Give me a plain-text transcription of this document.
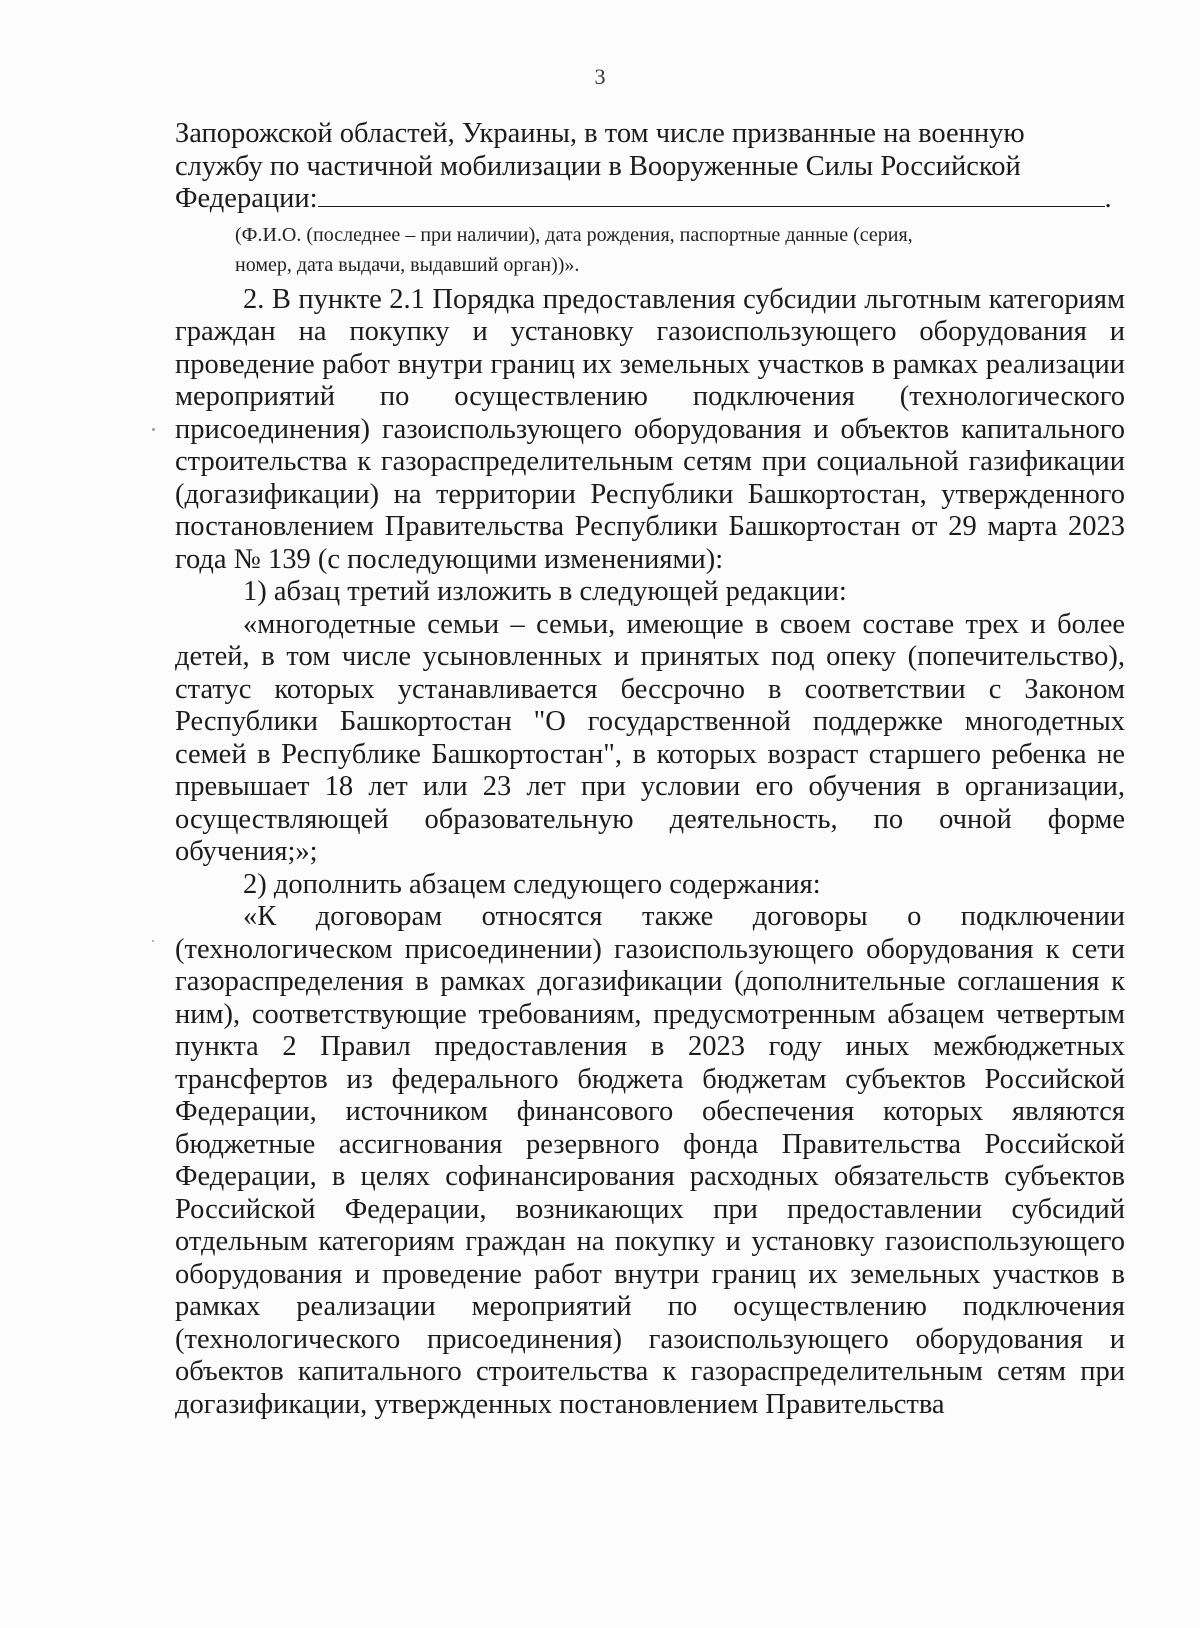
3

Запорожской областей, Украины, в том числе призванные на военную

службу по частичной мобилизации в Вооруженные Силы Российской

Федерации:	.

(Ф.И.О. (последнее – при наличии), дата рождения, паспортные данные (серия,
номер, дата выдачи, выдавший орган))».

2. В пункте 2.1 Порядка предоставления субсидии льготным категориям граждан на покупку и установку газоиспользующего оборудования и проведение работ внутри границ их земельных участков в рамках реализации мероприятий по осуществлению подключения (технологического присоединения) газоиспользующего оборудования и объектов капитального строительства к газораспределительным сетям при социальной газификации (догазификации) на территории Республики Башкортостан, утвержденного постановлением Правительства Республики Башкортостан от 29 марта 2023 года № 139 (с последующими изменениями):

1) абзац третий изложить в следующей редакции:

«многодетные семьи – семьи, имеющие в своем составе трех и более детей, в том числе усыновленных и принятых под опеку (попечительство), статус которых устанавливается бессрочно в соответствии с Законом Республики Башкортостан "О государственной поддержке многодетных семей в Республике Башкортостан", в которых возраст старшего ребенка не превышает 18 лет или 23 лет при условии его обучения в организации, осуществляющей образовательную деятельность, по очной форме обучения;»;

2) дополнить абзацем следующего содержания:

«К договорам относятся также договоры о подключении (технологическом присоединении) газоиспользующего оборудования к сети газораспределения в рамках догазификации (дополнительные соглашения к ним), соответствующие требованиям, предусмотренным абзацем четвертым пункта 2 Правил предоставления в 2023 году иных межбюджетных трансфертов из федерального бюджета бюджетам субъектов Российской Федерации, источником финансового обеспечения которых являются бюджетные ассигнования резервного фонда Правительства Российской Федерации, в целях софинансирования расходных обязательств субъектов Российской Федерации, возникающих при предоставлении субсидий отдельным категориям граждан на покупку и установку газоиспользующего оборудования и проведение работ внутри границ их земельных участков в рамках реализации мероприятий по осуществлению подключения (технологического присоединения) газоиспользующего оборудования и объектов капитального строительства к газораспределительным сетям при догазификации, утвержденных постановлением Правительства
